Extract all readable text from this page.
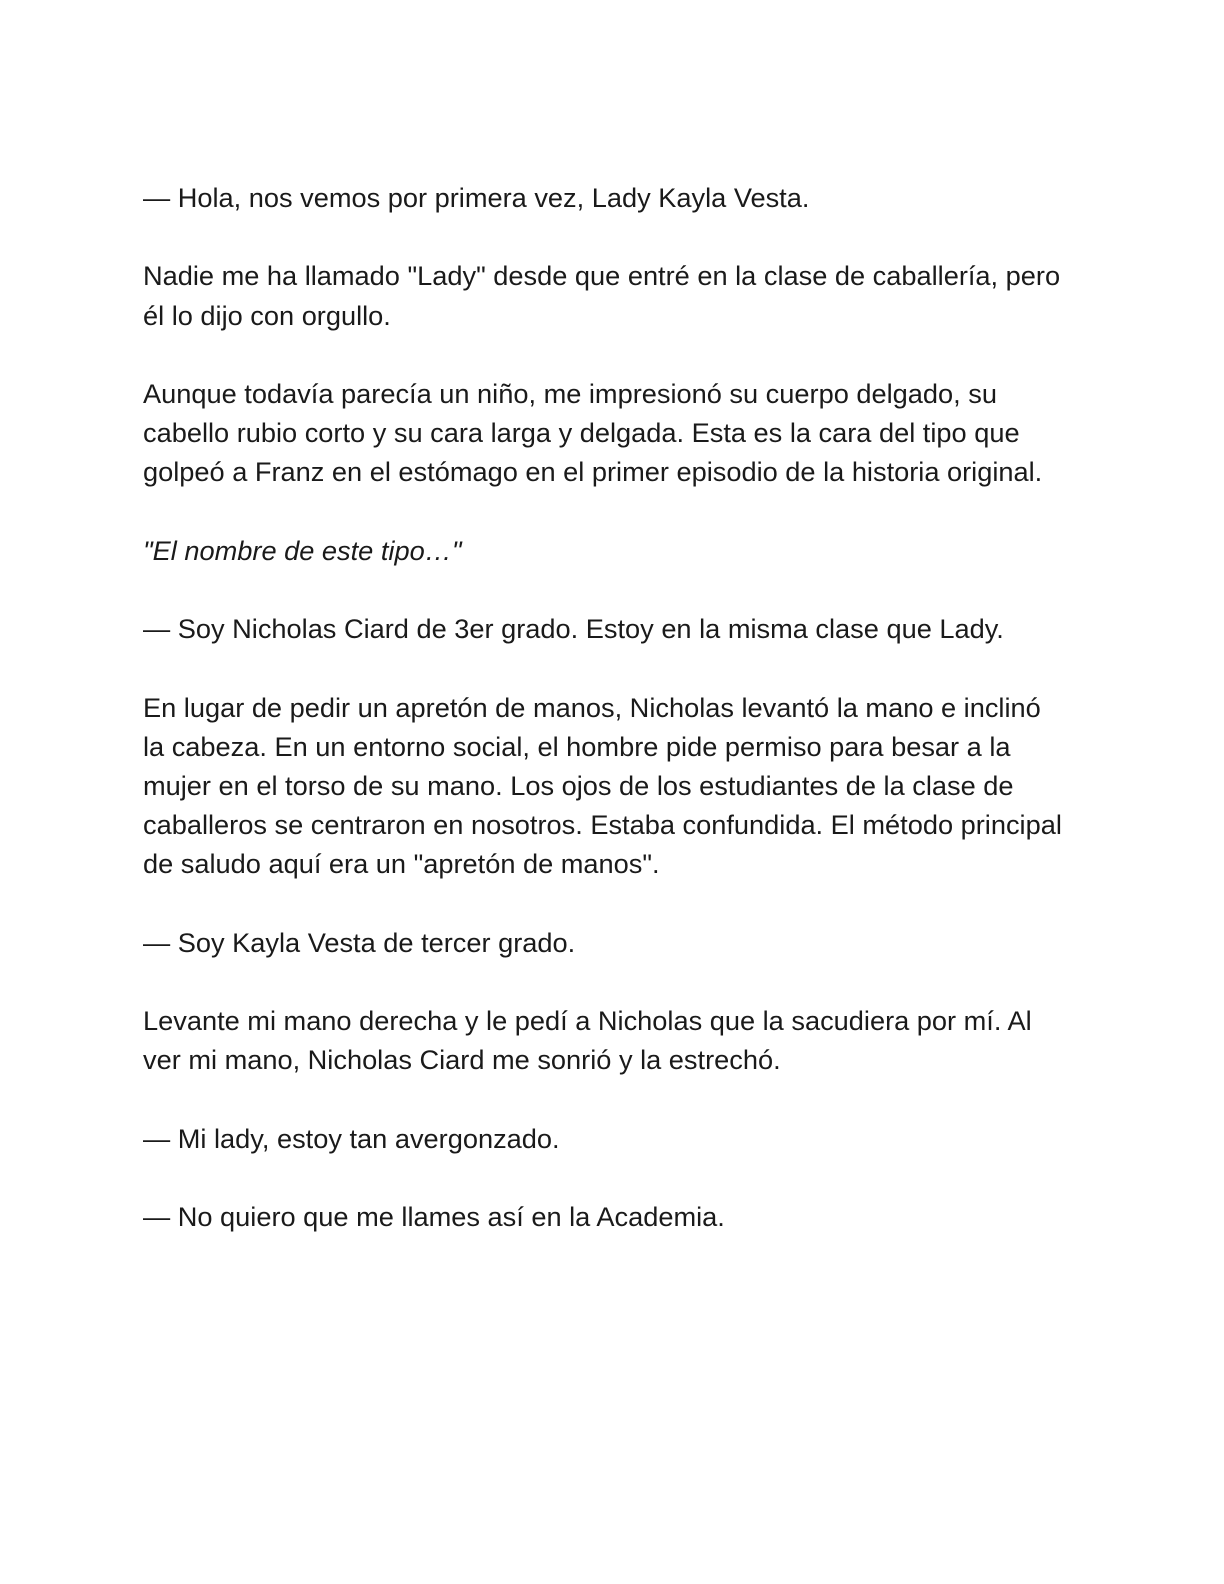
— Hola, nos vemos por primera vez, Lady Kayla Vesta.

Nadie me ha llamado "Lady" desde que entré en la clase de caballería, pero él lo dijo con orgullo.

Aunque todavía parecía un niño, me impresionó su cuerpo delgado, su cabello rubio corto y su cara larga y delgada. Esta es la cara del tipo que golpeó a Franz en el estómago en el primer episodio de la historia original.

"El nombre de este tipo…"

— Soy Nicholas Ciard de 3er grado. Estoy en la misma clase que Lady.

En lugar de pedir un apretón de manos, Nicholas levantó la mano e inclinó la cabeza. En un entorno social, el hombre pide permiso para besar a la mujer en el torso de su mano. Los ojos de los estudiantes de la clase de caballeros se centraron en nosotros. Estaba confundida. El método principal de saludo aquí era un "apretón de manos".

— Soy Kayla Vesta de tercer grado.

Levante mi mano derecha y le pedí a Nicholas que la sacudiera por mí. Al ver mi mano, Nicholas Ciard me sonrió y la estrechó.

— Mi lady, estoy tan avergonzado.

— No quiero que me llames así en la Academia.
